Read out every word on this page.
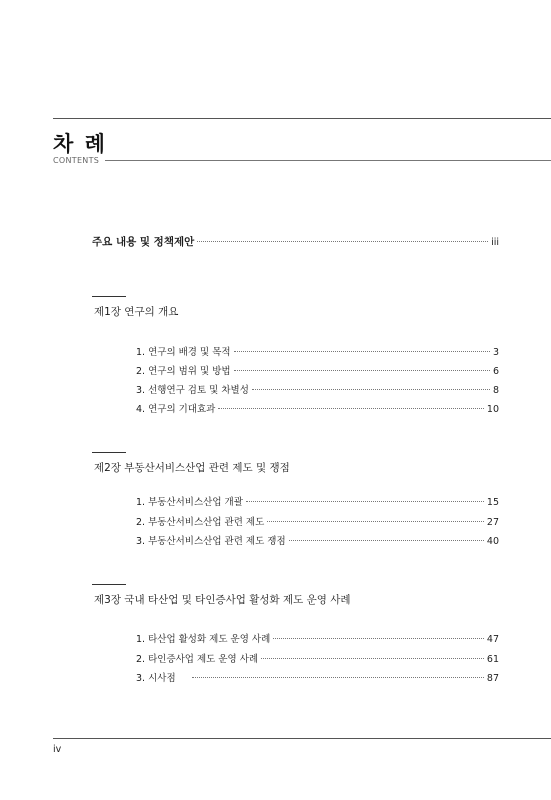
차 례
CONTENTS
주요 내용 및 정책제안	iii
제1장 연구의 개요
1. 연구의 배경 및 목적	3
2. 연구의 범위 및 방법	6
3. 선행연구 검토 및 차별성	8
4. 연구의 기대효과	10
제2장 부동산서비스산업 관련 제도 및 쟁점
1. 부동산서비스산업 개괄	15
2. 부동산서비스산업 관련 제도	27
3. 부동산서비스산업 관련 제도 쟁점	40
제3장 국내 타산업 및 타인증사업 활성화 제도 운영 사례
1. 타산업 활성화 제도 운영 사례	47
2. 타인증사업 제도 운영 사례	61
3. 시사점	87
iv
